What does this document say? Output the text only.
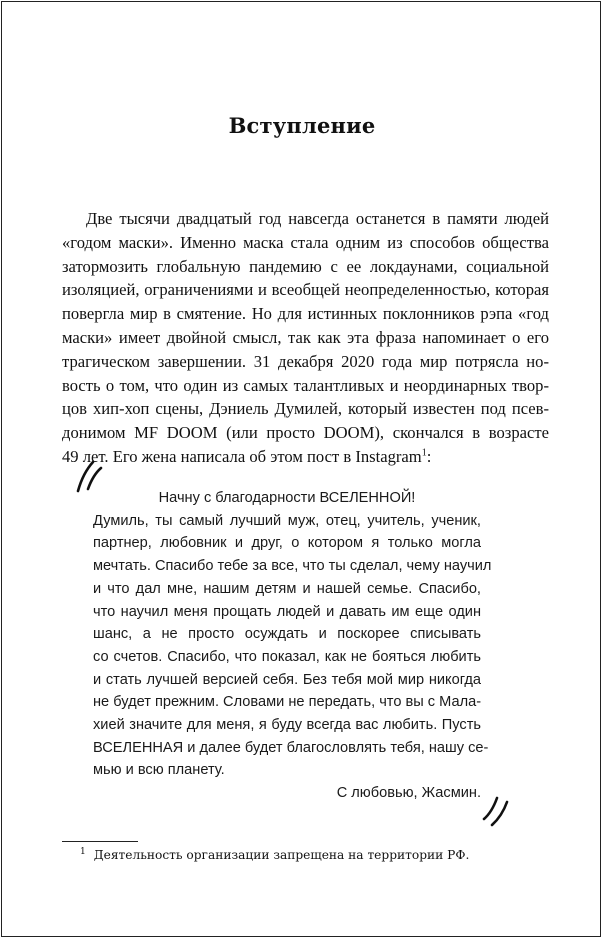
Вступление
Две тысячи двадцатый год навсегда останется в памяти людей
«годом маски». Именно маска стала одним из способов общества
затормозить глобальную пандемию с ее локдаунами, социальной
изоляцией, ограничениями и всеобщей неопределенностью, которая
повергла мир в смятение. Но для истинных поклонников рэпа «год
маски» имеет двойной смысл, так как эта фраза напоминает о его
трагическом завершении. 31 декабря 2020 года мир потрясла но-
вость о том, что один из самых талантливых и неординарных твор-
цов хип-хоп сцены, Дэниель Думилей, который известен под псев-
донимом MF DOOM (или просто DOOM), скончался в возрасте
49 лет. Его жена написала об этом пост в Instagram$^1$:
Начну с благодарности ВСЕЛЕННОЙ!
Думиль, ты самый лучший муж, отец, учитель, ученик,
партнер, любовник и друг, о котором я только могла
мечтать. Спасибо тебе за все, что ты сделал, чему научил
и что дал мне, нашим детям и нашей семье. Спасибо,
что научил меня прощать людей и давать им еще один
шанс, а не просто осуждать и поскорее списывать
со счетов. Спасибо, что показал, как не бояться любить
и стать лучшей версией себя. Без тебя мой мир никогда
не будет прежним. Словами не передать, что вы с Мала-
хией значите для меня, я буду всегда вас любить. Пусть
ВСЕЛЕННАЯ и далее будет благословлять тебя, нашу се-
мью и всю планету.
С любовью, Жасмин.
$^1$ Деятельность организации запрещена на территории РФ.
